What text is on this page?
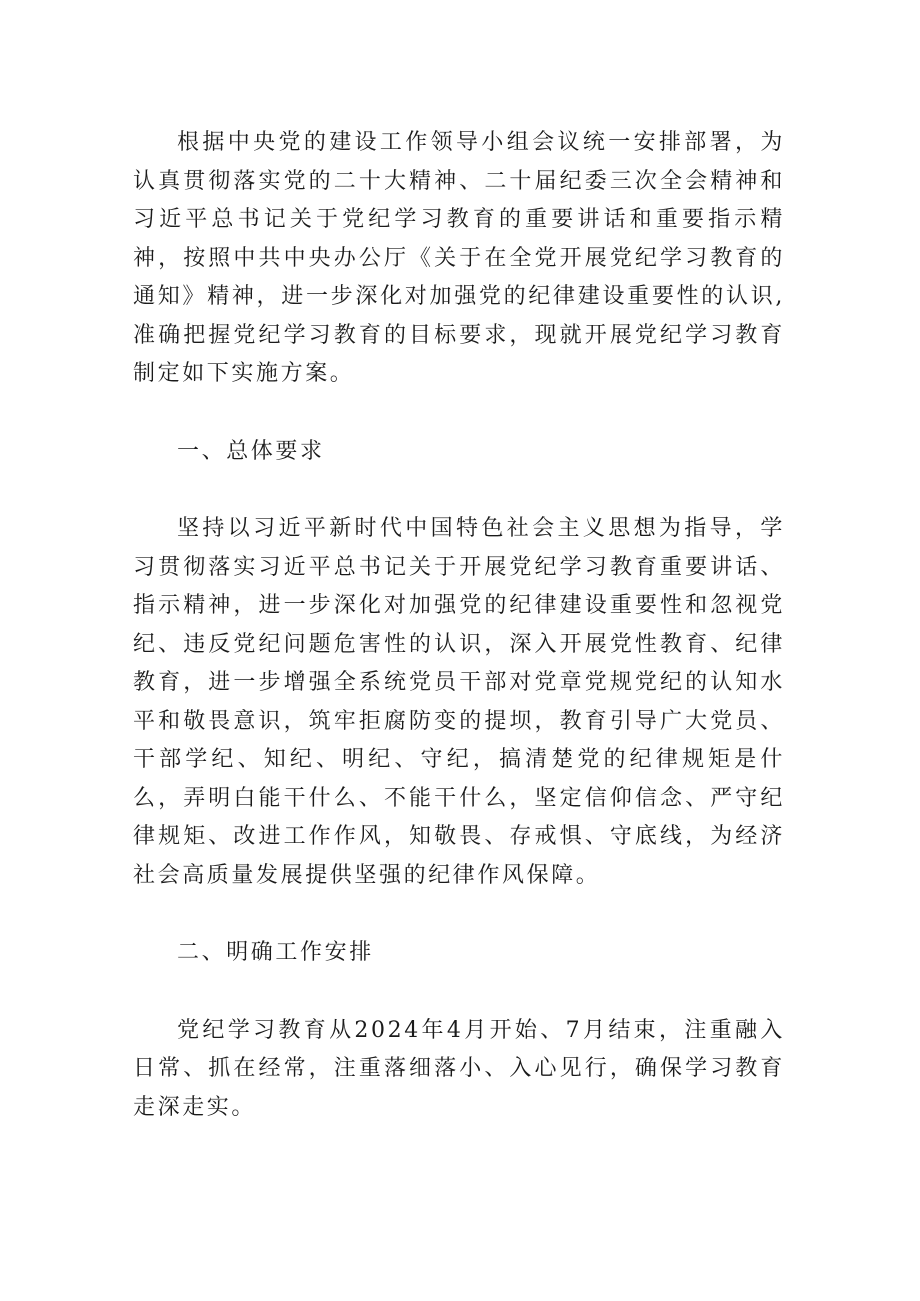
根据中央党的建设工作领导小组会议统一安排部署，为认真贯彻落实党的二十大精神、二十届纪委三次全会精神和习近平总书记关于党纪学习教育的重要讲话和重要指示精神，按照中共中央办公厅《关于在全党开展党纪学习教育的通知》精神，进一步深化对加强党的纪律建设重要性的认识,准确把握党纪学习教育的目标要求，现就开展党纪学习教育制定如下实施方案。

一、总体要求

坚持以习近平新时代中国特色社会主义思想为指导，学习贯彻落实习近平总书记关于开展党纪学习教育重要讲话、指示精神，进一步深化对加强党的纪律建设重要性和忽视党纪、违反党纪问题危害性的认识，深入开展党性教育、纪律教育，进一步增强全系统党员干部对党章党规党纪的认知水平和敬畏意识，筑牢拒腐防变的提坝，教育引导广大党员、干部学纪、知纪、明纪、守纪，搞清楚党的纪律规矩是什么，弄明白能干什么、不能干什么，坚定信仰信念、严守纪律规矩、改进工作作风，知敬畏、存戒惧、守底线，为经济社会高质量发展提供坚强的纪律作风保障。

二、明确工作安排

党纪学习教育从2024年4月开始、7月结束，注重融入日常、抓在经常，注重落细落小、入心见行，确保学习教育走深走实。
